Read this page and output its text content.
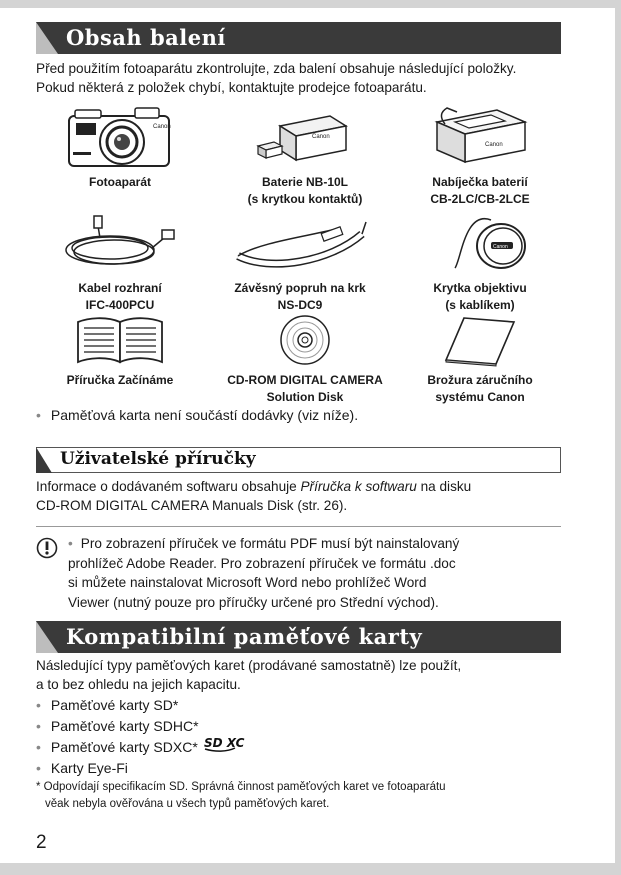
Obsah balení

Před použitím fotoaparátu zkontrolujte, zda balení obsahuje následující položky.

Pokud některá z položek chybí, kontaktujte prodejce fotoaparátu.

Canon
Fotoaparát
Canon
Baterie NB-10L
(s krytkou kontaktů)
Canon
Nabíječka baterií
CB-2LC/CB-2LCE
Kabel rozhraní
IFC-400PCU
Závěsný popruh na krk
NS-DC9
Canon
Krytka objektivu
(s kablíkem)
Příručka Začínáme	CD-ROM DIGITAL CAMERA
Solution Disk
Brožura záručního
systému Canon
• Paměťová karta není součástí dodávky (viz níže).
Uživatelské příručky

Informace o dodávaném softwaru obsahuje Příručka k softwaru na disku

CD-ROM DIGITAL CAMERA Manuals Disk (str. 26).

• Pro zobrazení příruček ve formátu PDF musí být nainstalovaný

prohlížeč Adobe Reader. Pro zobrazení příruček ve formátu .doc

si můžete nainstalovat Microsoft Word nebo prohlížeč Word

Viewer (nutný pouze pro příručky určené pro Střední východ).

Kompatibilní paměťové karty

Následující typy paměťových karet (prodávané samostatně) lze použít,

a to bez ohledu na jejich kapacitu.

• Paměťové karty SD*
• Paměťové karty SDHC*
• Paměťové karty SDXC* SD XC
• Karty Eye-Fi

* Odpovídají specifikacím SD. Správná činnost paměťových karet ve fotoaparátu

věak nebyla ověřována u všech typů paměťových karet.

2
